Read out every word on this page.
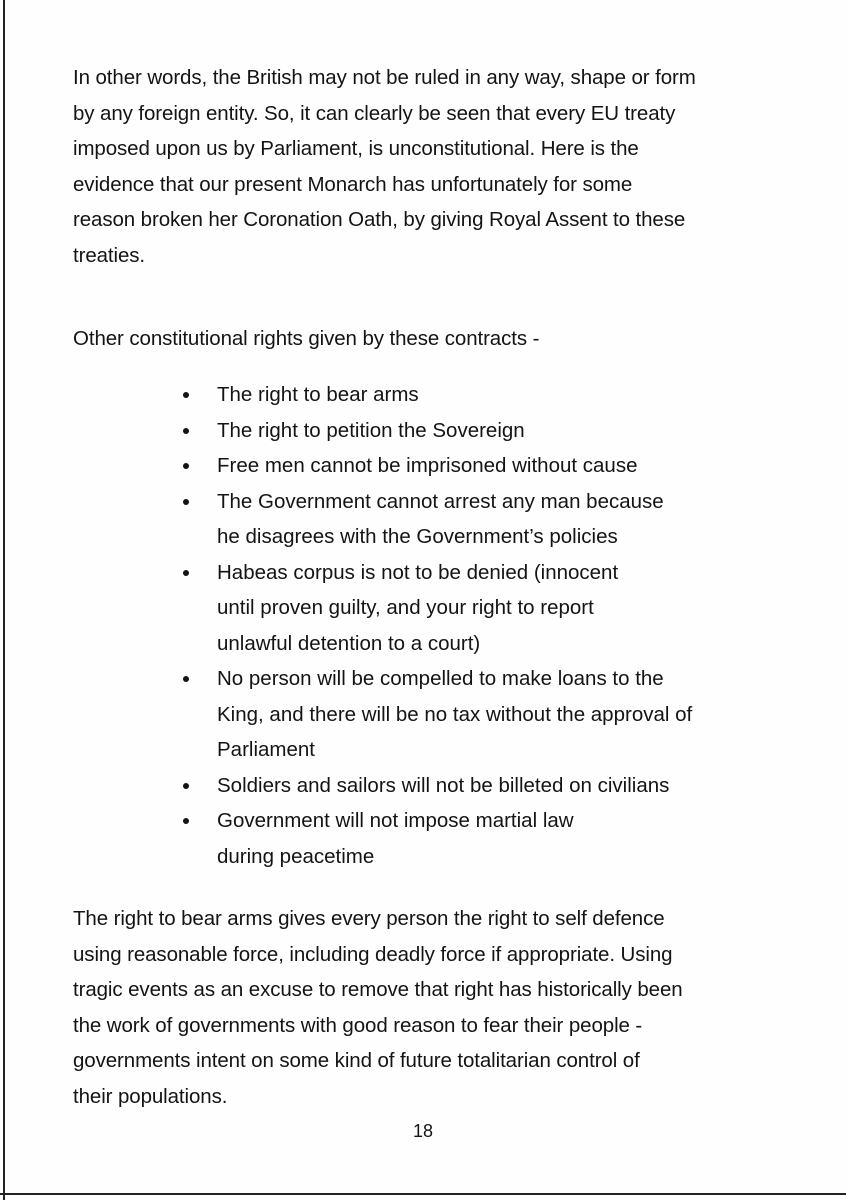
In other words, the British may not be ruled in any way, shape or form
by any foreign entity. So, it can clearly be seen that every EU treaty
imposed upon us by Parliament, is unconstitutional. Here is the
evidence that our present Monarch has unfortunately for some
reason broken her Coronation Oath, by giving Royal Assent to these
treaties.

Other constitutional rights given by these contracts -

The right to bear arms
The right to petition the Sovereign
Free men cannot be imprisoned without cause
The Government cannot arrest any man because
he disagrees with the Government’s policies
Habeas corpus is not to be denied (innocent
until proven guilty, and your right to report
unlawful detention to a court)
No person will be compelled to make loans to the
King, and there will be no tax without the approval of
Parliament
Soldiers and sailors will not be billeted on civilians
Government will not impose martial law
during peacetime

The right to bear arms gives every person the right to self defence
using reasonable force, including deadly force if appropriate. Using
tragic events as an excuse to remove that right has historically been
the work of governments with good reason to fear their people -
governments intent on some kind of future totalitarian control of
their populations.

18
